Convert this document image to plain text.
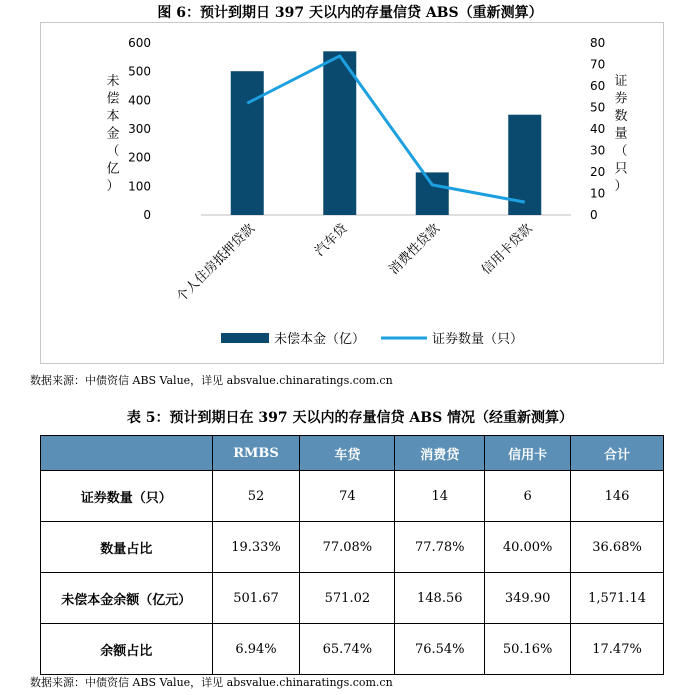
图 6：预计到期日 397 天以内的存量信贷 ABS（重新测算）
0
100
200
300
400
500
600
0
10
20
30
40
50
60
70
80
未偿本金（亿）
证券数量（只）
个人住房抵押贷款	汽车贷	消费性贷款	信用卡贷款
未偿本金（亿）	证券数量（只）
数据来源：中债资信 ABS Value，详见 absvalue.chinaratings.com.cn
表 5：预计到期日在 397 天以内的存量信贷 ABS 情况（经重新测算）
	RMBS	车贷	消费贷	信用卡	合计
证券数量（只）	52	74	14	6	146
数量占比	19.33%	77.08%	77.78%	40.00%	36.68%
未偿本金余额（亿元）	501.67	571.02	148.56	349.90	1,571.14
余额占比	6.94%	65.74%	76.54%	50.16%	17.47%
数据来源：中债资信 ABS Value，详见 absvalue.chinaratings.com.cn
